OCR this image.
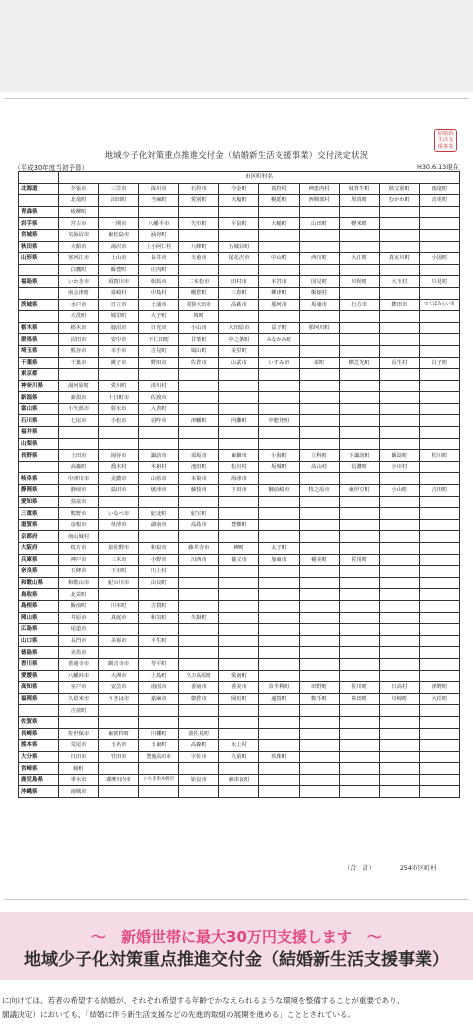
地域少子化対策重点推進交付金（結婚新生活支援事業）交付決定状況
結婚新
生活支
援事業
（平成30年度当初予算）	H30.6.13現在
	市区町村名									
北海道	夕張市	三笠市	深川市	石狩市	今金町	真狩村	神恵内村	妹背牛町	秩父別町	雨竜町
	北竜町	沼田町	当麻町	愛別町	天塩町	幌延町	西興部村	厚真町	むかわ町	音更町
青森県	板柳町									
岩手県	宮古市	一関市	八幡平市	矢巾町	平泉町	大槌町	山田町	軽米町		
宮城県	気仙沼市	東松島市	涌谷町							
秋田県	大館市	湯沢市	上小阿仁村	八峰町	五城目町					
山形県	寒河江市	上山市	長井市	天童市	尾花沢市	中山町	西川町	大江町	真室川町	小国町
	白鷹町	飯豊町	庄内町							
福島県	いわき市	須賀川市	相馬市	二本松市	田村市	本宮市	国見町	川俣町	大玉村	只見町
	南会津町	泉崎村	中島村	棚倉町	三春町	柳津町	飯舘村			
茨城県	水戸市	日立市	土浦市	常陸大田市	高萩市	那珂市	坂東市	行方市	鉾田市	つくばみらい市
	大洗町	城里町	大子町	境町						
栃木県	栃木市	鹿沼市	日光市	小山市	大田原市	益子町	那珂川町			
群馬県	沼田市	安中市	下仁田町	甘楽町	中之条町	みなかみ町				
埼玉県	熊谷市	幸手市	吉見町	鳩山町	美里町					
千葉県	千葉市	銚子市	野田市	佐倉市	山武市	いすみ市	栄町	横芝光町	長生村	白子町
東京都										
神奈川県	湯河原町	愛川町	清川村							
新潟県	新潟市	十日町市	佐渡市							
富山県	小矢部市	射水市	入善町							
石川県	七尾市	小松市	羽咋市	津幡町	内灘町	中能登町				
福井県										
山梨県										
長野県	上田市	岡谷市	諏訪市	須坂市	東御市	小海町	立科町	下諏訪町	飯島町	松川町
	高森町	喬木村	木祖村	池田町	松川村	坂城町	高山村	信濃町	小川村	
岐阜県	中津川市	美濃市	山県市	本巣市	海津市					
静岡県	静岡市	島田市	焼津市	藤枝市	下田市	御前崎市	牧之原市	東伊豆町	小山町	吉田町
愛知県	弥富市									
三重県	熊野市	いなべ市	紀北町	紀宝町						
滋賀県	彦根市	草津市	湖南市	高島市	豊郷町					
京都府	南山城村									
大阪府	枚方市	泉佐野市	和泉市	藤井寺市	岬町	太子町				
兵庫県	神戸市	三木市	小野市	川西市	養父市	加東市	稲美町	佐用町		
奈良県	五條市	下市町	川上村							
和歌山県	和歌山市	紀の川市	由良町							
鳥取県	北栄町									
島根県	飯南町	川本町	吉賀町							
岡山県	井原市	真庭市	和気町	矢掛町						
広島県	尾道市									
山口県	長門市	美祢市	平生町							
徳島県	美馬市									
香川県	善通寺市	観音寺市	琴平町							
愛媛県	八幡浜市	大洲市	上島町	久万高原町	愛南町					
高知県	室戸市	安芸市	南国市	香南市	香美市	奈半利町	田野町	佐川町	日高村	津野町
福岡県	久留米市	うきは市	嘉麻市	朝倉市	岡垣町	遠賀町	鞍手町	糸田町	川崎町	大任町
	吉富町									
佐賀県										
長崎県	佐世保市	東彼杵町	川棚町	波佐見町						
熊本県	荒尾市	玉名市	玉東町	高森町	水上村					
大分県	日田市	竹田市	豊後高田市	宇佐市	九重町	玖珠町				
宮崎県	綾町									
鹿児島県	垂水市	薩摩川内市	いちき串木野市	姶良市	東串良町					
沖縄県	南城市									
（合　計）	254市区町村
～　新婚世帯に最大30万円支援します　～
地域少子化対策重点推進交付金（結婚新生活支援事業）
に向けては、若者の希望する結婚が、それぞれ希望する年齢でかなえられるような環境を整備することが重要であり、
閣議決定）においても、「結婚に伴う新生活支援などの先進的取組の展開を進める」こととされている。
